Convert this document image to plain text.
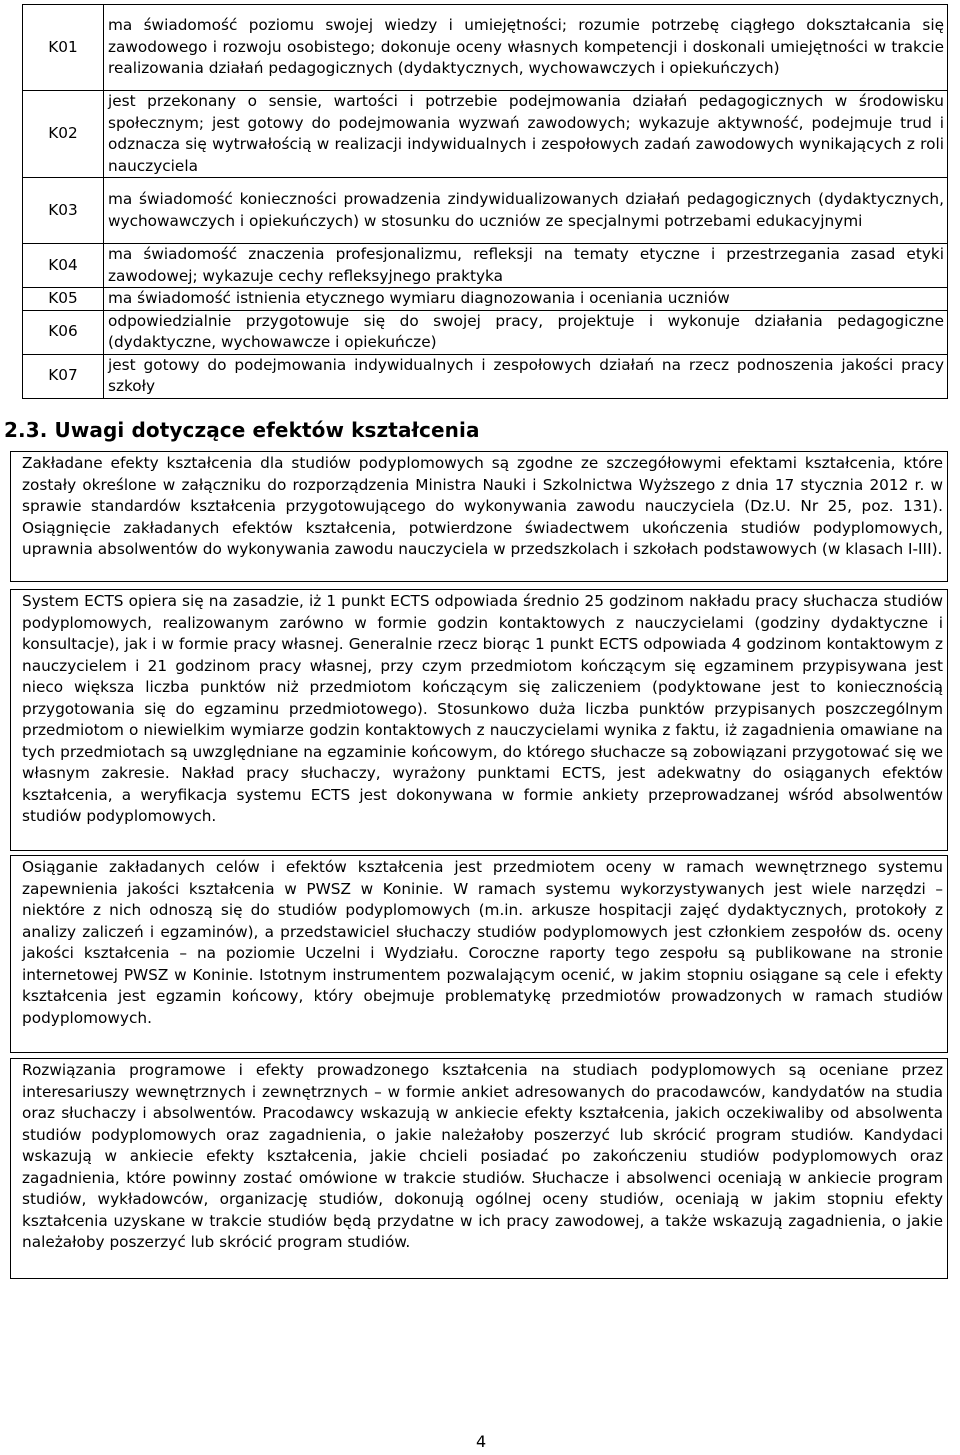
K01	ma świadomość poziomu swojej wiedzy i umiejętności; rozumie potrzebę ciągłego dokształcania się zawodowego i rozwoju osobistego; dokonuje oceny własnych kompetencji i doskonali umiejętności w trakcie realizowania działań pedagogicznych (dydaktycznych, wychowawczych i opiekuńczych)
K02	jest przekonany o sensie, wartości i potrzebie podejmowania działań pedagogicznych w środowisku społecznym; jest gotowy do podejmowania wyzwań zawodowych; wykazuje aktywność, podejmuje trud i odznacza się wytrwałością w realizacji indywidualnych i zespołowych zadań zawodowych wynikających z roli nauczyciela
K03	ma świadomość konieczności prowadzenia zindywidualizowanych działań pedagogicznych (dydaktycznych, wychowawczych i opiekuńczych) w stosunku do uczniów ze specjalnymi potrzebami edukacyjnymi
K04	ma świadomość znaczenia profesjonalizmu, refleksji na tematy etyczne i przestrzegania zasad etyki zawodowej; wykazuje cechy refleksyjnego praktyka
K05	ma świadomość istnienia etycznego wymiaru diagnozowania i oceniania uczniów
K06	odpowiedzialnie przygotowuje się do swojej pracy, projektuje i wykonuje działania pedagogiczne (dydaktyczne, wychowawcze i opiekuńcze)
K07	jest gotowy do podejmowania indywidualnych i zespołowych działań na rzecz podnoszenia jakości pracy szkoły
2.3. Uwagi dotyczące efektów kształcenia
Zakładane efekty kształcenia dla studiów podyplomowych są zgodne ze szczegółowymi efektami kształcenia, które zostały określone w załączniku do rozporządzenia Ministra Nauki i Szkolnictwa Wyższego z dnia 17 stycznia 2012 r. w sprawie standardów kształcenia przygotowującego do wykonywania zawodu nauczyciela (Dz.U. Nr 25, poz. 131). Osiągnięcie zakładanych efektów kształcenia, potwierdzone świadectwem ukończenia studiów podyplomowych, uprawnia absolwentów do wykonywania zawodu nauczyciela w przedszkolach i szkołach podstawowych (w klasach I-III).
System ECTS opiera się na zasadzie, iż 1 punkt ECTS odpowiada średnio 25 godzinom nakładu pracy słuchacza studiów podyplomowych, realizowanym zarówno w formie godzin kontaktowych z nauczycielami (godziny dydaktyczne i konsultacje), jak i w formie pracy własnej. Generalnie rzecz biorąc 1 punkt ECTS odpowiada 4 godzinom kontaktowym z nauczycielem i 21 godzinom pracy własnej, przy czym przedmiotom kończącym się egzaminem przypisywana jest nieco większa liczba punktów niż przedmiotom kończącym się zaliczeniem (podyktowane jest to koniecznością przygotowania się do egzaminu przedmiotowego). Stosunkowo duża liczba punktów przypisanych poszczególnym przedmiotom o niewielkim wymiarze godzin kontaktowych z nauczycielami wynika z faktu, iż zagadnienia omawiane na tych przedmiotach są uwzględniane na egzaminie końcowym, do którego słuchacze są zobowiązani przygotować się we własnym zakresie. Nakład pracy słuchaczy, wyrażony punktami ECTS, jest adekwatny do osiąganych efektów kształcenia, a weryfikacja systemu ECTS jest dokonywana w formie ankiety przeprowadzanej wśród absolwentów studiów podyplomowych.
Osiąganie zakładanych celów i efektów kształcenia jest przedmiotem oceny w ramach wewnętrznego systemu zapewnienia jakości kształcenia w PWSZ w Koninie. W ramach systemu wykorzystywanych jest wiele narzędzi – niektóre z nich odnoszą się do studiów podyplomowych (m.in. arkusze hospitacji zajęć dydaktycznych, protokoły z analizy zaliczeń i egzaminów), a przedstawiciel słuchaczy studiów podyplomowych jest członkiem zespołów ds. oceny jakości kształcenia – na poziomie Uczelni i Wydziału. Coroczne raporty tego zespołu są publikowane na stronie internetowej PWSZ w Koninie. Istotnym instrumentem pozwalającym ocenić, w jakim stopniu osiągane są cele i efekty kształcenia jest egzamin końcowy, który obejmuje problematykę przedmiotów prowadzonych w ramach studiów podyplomowych.
Rozwiązania programowe i efekty prowadzonego kształcenia na studiach podyplomowych są oceniane przez interesariuszy wewnętrznych i zewnętrznych – w formie ankiet adresowanych do pracodawców, kandydatów na studia oraz słuchaczy i absolwentów. Pracodawcy wskazują w ankiecie efekty kształcenia, jakich oczekiwaliby od absolwenta studiów podyplomowych oraz zagadnienia, o jakie należałoby poszerzyć lub skrócić program studiów. Kandydaci wskazują w ankiecie efekty kształcenia, jakie chcieli posiadać po zakończeniu studiów podyplomowych oraz zagadnienia, które powinny zostać omówione w trakcie studiów. Słuchacze i absolwenci oceniają w ankiecie program studiów, wykładowców, organizację studiów, dokonują ogólnej oceny studiów, oceniają w jakim stopniu efekty kształcenia uzyskane w trakcie studiów będą przydatne w ich pracy zawodowej, a także wskazują zagadnienia, o jakie należałoby poszerzyć lub skrócić program studiów.
4
